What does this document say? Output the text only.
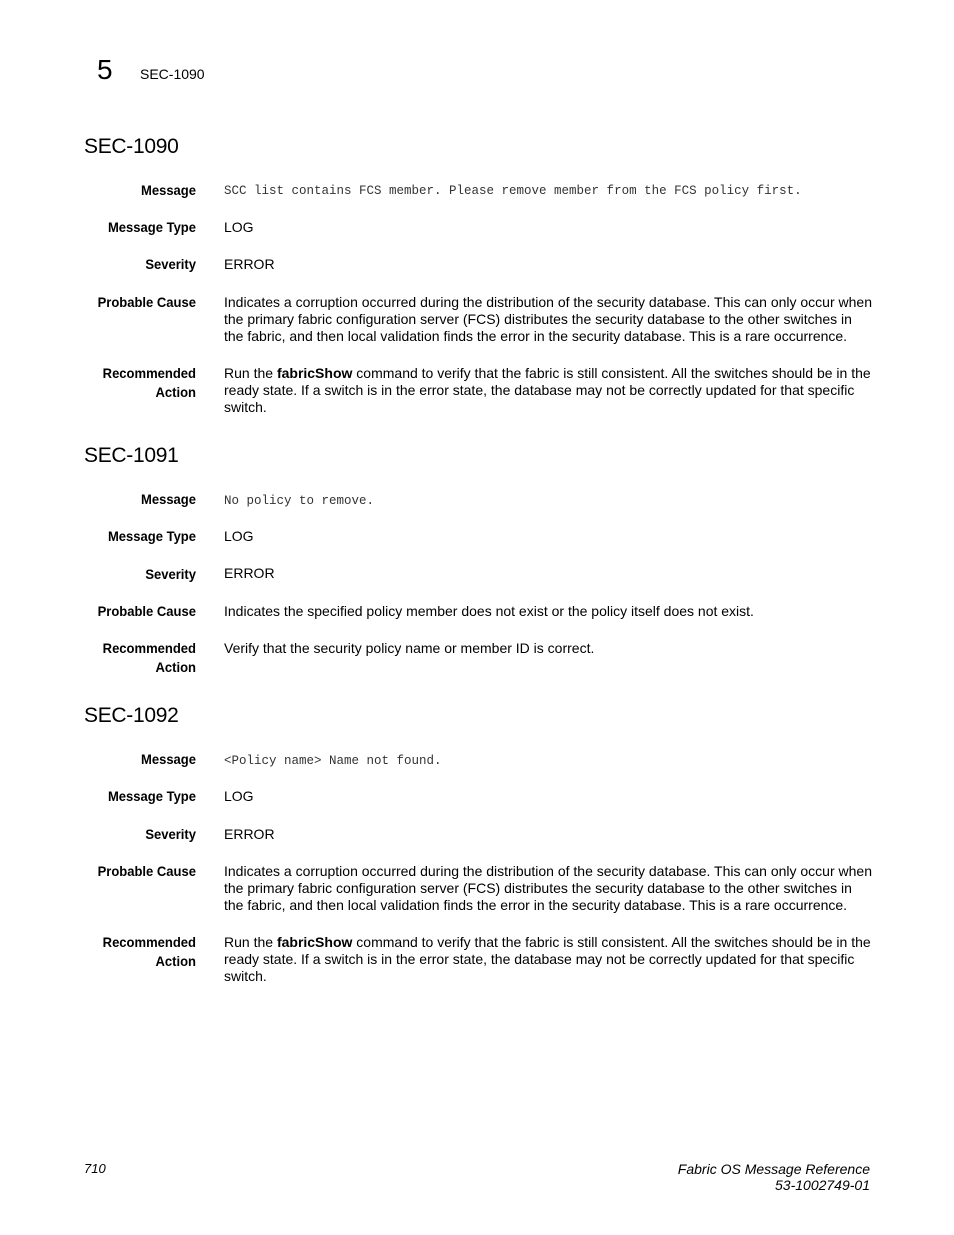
5 SEC-1090
SEC-1090
Message SCC list contains FCS member. Please remove member from the FCS policy first.
Message Type LOG
Severity ERROR
Probable Cause Indicates a corruption occurred during the distribution of the security database. This can only occur when the primary fabric configuration server (FCS) distributes the security database to the other switches in the fabric, and then local validation finds the error in the security database. This is a rare occurrence.
Recommended
Action
Run the fabricShow command to verify that the fabric is still consistent. All the switches should be in the ready state. If a switch is in the error state, the database may not be correctly updated for that specific switch.
SEC-1091
Message No policy to remove.
Message Type LOG
Severity ERROR
Probable Cause Indicates the specified policy member does not exist or the policy itself does not exist.
Recommended
Action
Verify that the security policy name or member ID is correct.
SEC-1092
Message <Policy name> Name not found.
Message Type LOG
Severity ERROR
Probable Cause Indicates a corruption occurred during the distribution of the security database. This can only occur when the primary fabric configuration server (FCS) distributes the security database to the other switches in the fabric, and then local validation finds the error in the security database. This is a rare occurrence.
Recommended
Action
Run the fabricShow command to verify that the fabric is still consistent. All the switches should be in the ready state. If a switch is in the error state, the database may not be correctly updated for that specific switch.
710	Fabric OS Message Reference
53-1002749-01
